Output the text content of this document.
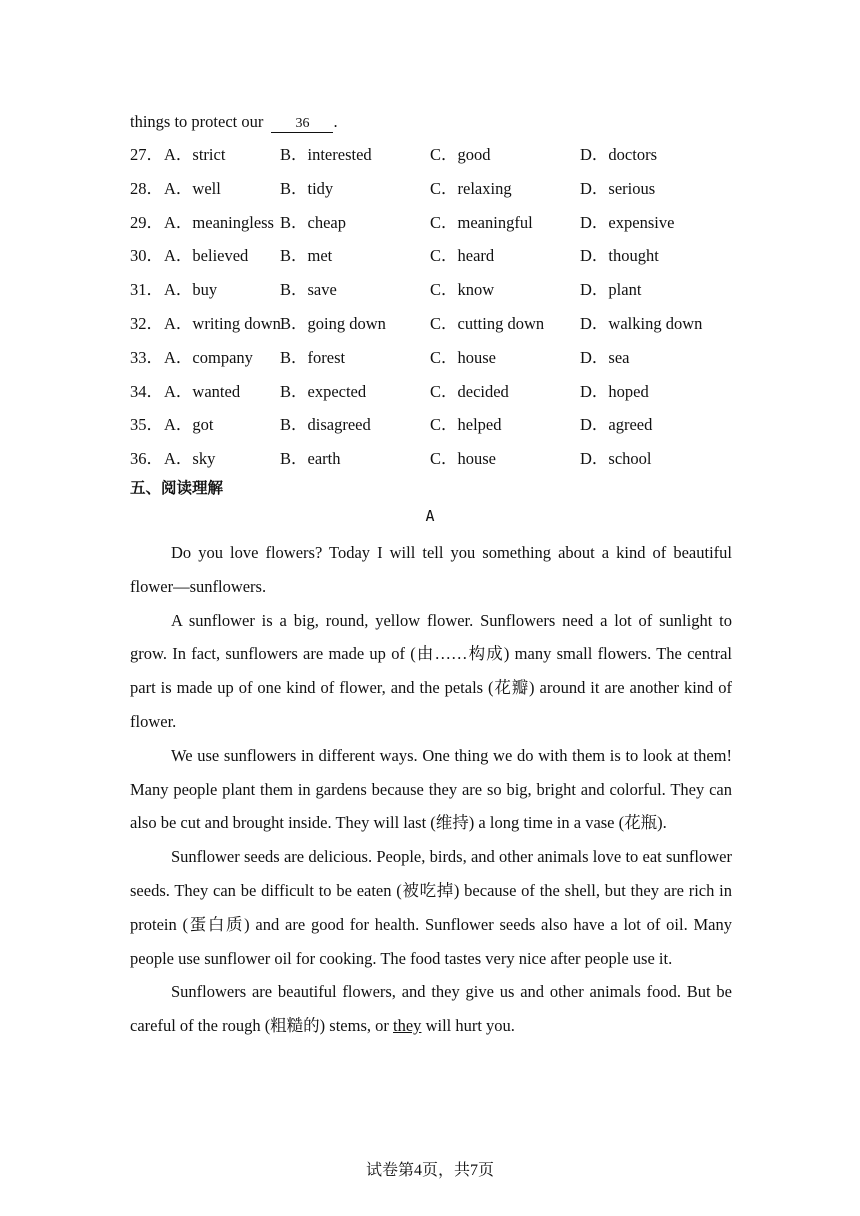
things to protect our 36 .
27． A．strict	B．interested	C．good	D．doctors
28． A．well	B．tidy	C．relaxing	D．serious
29． A．meaningless B．cheap	C．meaningful	D．expensive
30． A．believed B．met	C．heard	D．thought
31． A．buy	B．save	C．know	D．plant
32． A．writing down B．going down	C．cutting down D．walking down
33． A．company B．forest	C．house	D．sea
34． A．wanted B．expected	C．decided	D．hoped
35． A．got	B．disagreed	C．helped	D．agreed
36． A．sky	B．earth	C．house	D．school
五、阅读理解
A

Do you love flowers? Today I will tell you something about a kind of beautiful flower—sunflowers.

A sunflower is a big, round, yellow flower. Sunflowers need a lot of sunlight to grow. In fact, sunflowers are made up of (由……构成) many small flowers. The central part is made up of one kind of flower, and the petals (花瓣) around it are another kind of flower.

We use sunflowers in different ways. One thing we do with them is to look at them! Many people plant them in gardens because they are so big, bright and colorful. They can also be cut and brought inside. They will last (维持) a long time in a vase (花瓶).

Sunflower seeds are delicious. People, birds, and other animals love to eat sunflower seeds. They can be difficult to be eaten (被吃掉) because of the shell, but they are rich in protein (蛋白质) and are good for health. Sunflower seeds also have a lot of oil. Many people use sunflower oil for cooking. The food tastes very nice after people use it.

Sunflowers are beautiful flowers, and they give us and other animals food. But be careful of the rough (粗糙的) stems, or they will hurt you.

试卷第4页，共7页
